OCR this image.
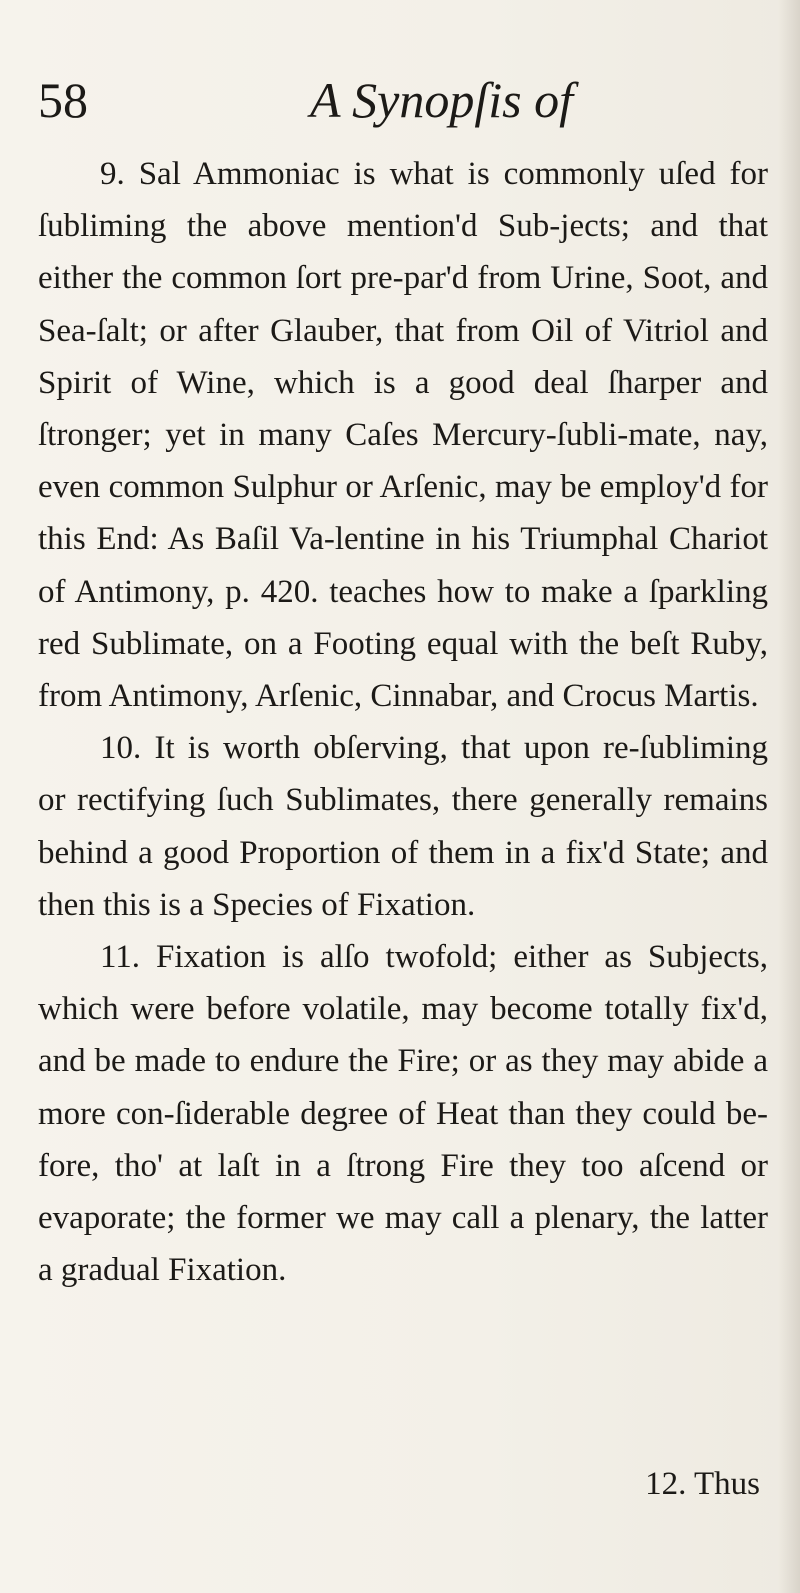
58	A Synopſis of

9. Sal Ammoniac is what is commonly uſed for ſubliming the above mention'd Sub-jects; and that either the common ſort pre-par'd from Urine, Soot, and Sea-ſalt; or after Glauber, that from Oil of Vitriol and Spirit of Wine, which is a good deal ſharper and ſtronger; yet in many Caſes Mercury-ſubli-mate, nay, even common Sulphur or Arſenic, may be employ'd for this End: As Baſil Va-lentine in his Triumphal Chariot of Antimony, p. 420. teaches how to make a ſparkling red Sublimate, on a Footing equal with the beſt Ruby, from Antimony, Arſenic, Cinnabar, and Crocus Martis.

10. It is worth obſerving, that upon re-ſubliming or rectifying ſuch Sublimates, there generally remains behind a good Proportion of them in a fix'd State; and then this is a Species of Fixation.

11. Fixation is alſo twofold; either as Subjects, which were before volatile, may become totally fix'd, and be made to endure the Fire; or as they may abide a more con-ſiderable degree of Heat than they could be-fore, tho' at laſt in a ſtrong Fire they too aſcend or evaporate; the former we may call a plenary, the latter a gradual Fixation.

12. Thus
